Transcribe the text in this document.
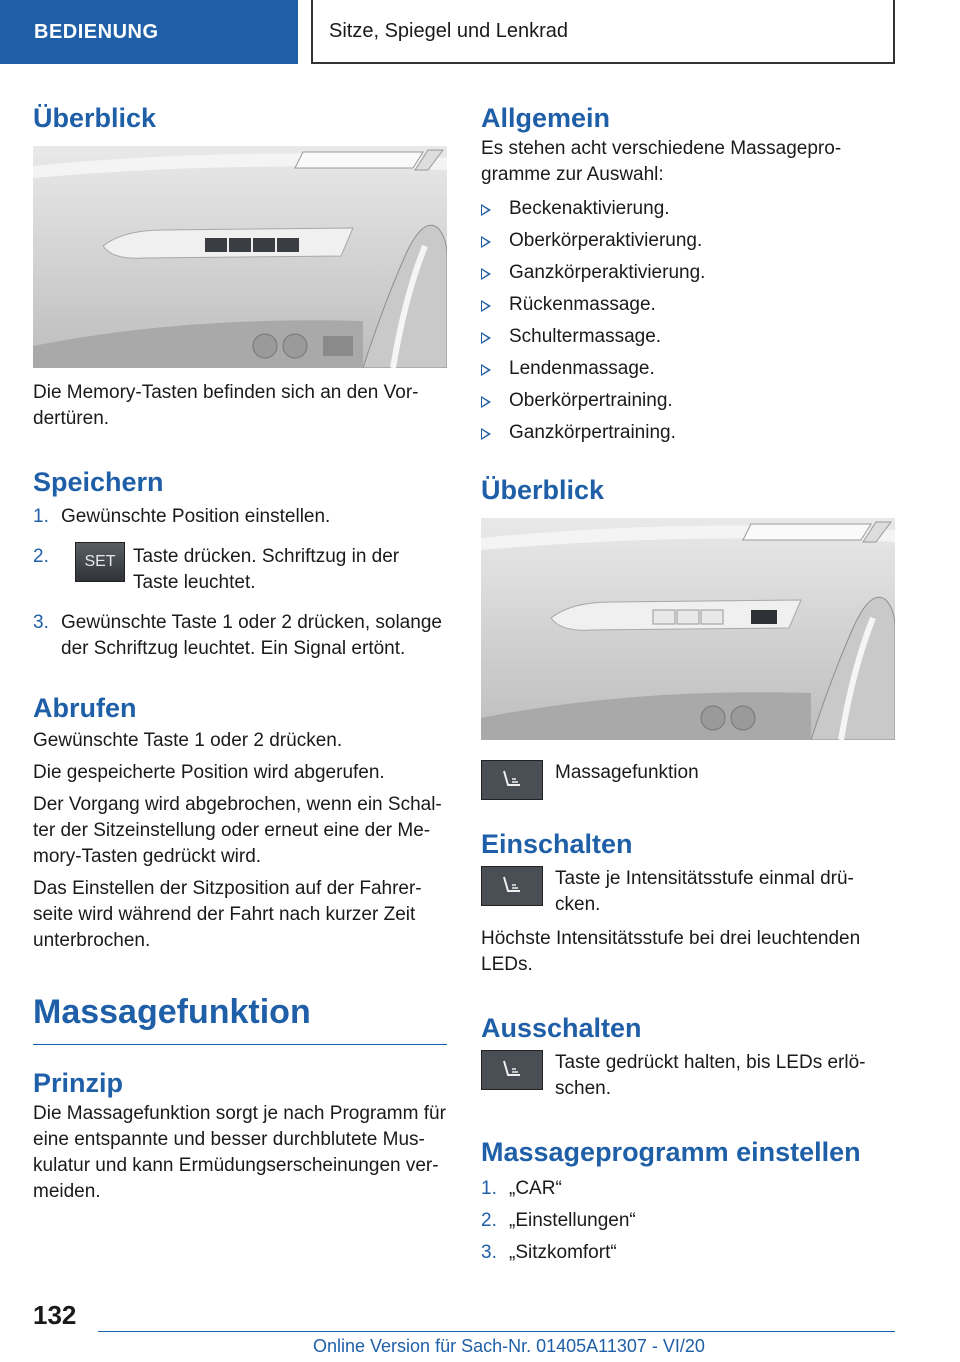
BEDIENUNG	Sitze, Spiegel und Lenkrad
Überblick

Die Memory-Tasten befinden sich an den Vor-dertüren.

Speichern
1. Gewünschte Position einstellen.
2. SET Taste drücken. Schriftzug in der Taste leuchtet.
3. Gewünschte Taste 1 oder 2 drücken, solange der Schriftzug leuchtet. Ein Signal ertönt.
Abrufen

Gewünschte Taste 1 oder 2 drücken.

Die gespeicherte Position wird abgerufen.

Der Vorgang wird abgebrochen, wenn ein Schal-ter der Sitzeinstellung oder erneut eine der Me-mory-Tasten gedrückt wird.

Das Einstellen der Sitzposition auf der Fahrer-seite wird während der Fahrt nach kurzer Zeit unterbrochen.

Massagefunktion
Prinzip

Die Massagefunktion sorgt je nach Programm für eine entspannte und besser durchblutete Mus-kulatur und kann Ermüdungserscheinungen ver-meiden.

Allgemein

Es stehen acht verschiedene Massagepro-gramme zur Auswahl:

Beckenaktivierung.
Oberkörperaktivierung.
Ganzkörperaktivierung.
Rückenmassage.
Schultermassage.
Lendenmassage.
Oberkörpertraining.
Ganzkörpertraining.
Überblick

Massagefunktion

Einschalten

Taste je Intensitätsstufe einmal drü-cken.

Höchste Intensitätsstufe bei drei leuchtenden LEDs.

Ausschalten

Taste gedrückt halten, bis LEDs erlö-schen.

Massageprogramm einstellen
1. „CAR“
2. „Einstellungen“
3. „Sitzkomfort“
132
Online Version für Sach-Nr. 01405A11307 - VI/20
